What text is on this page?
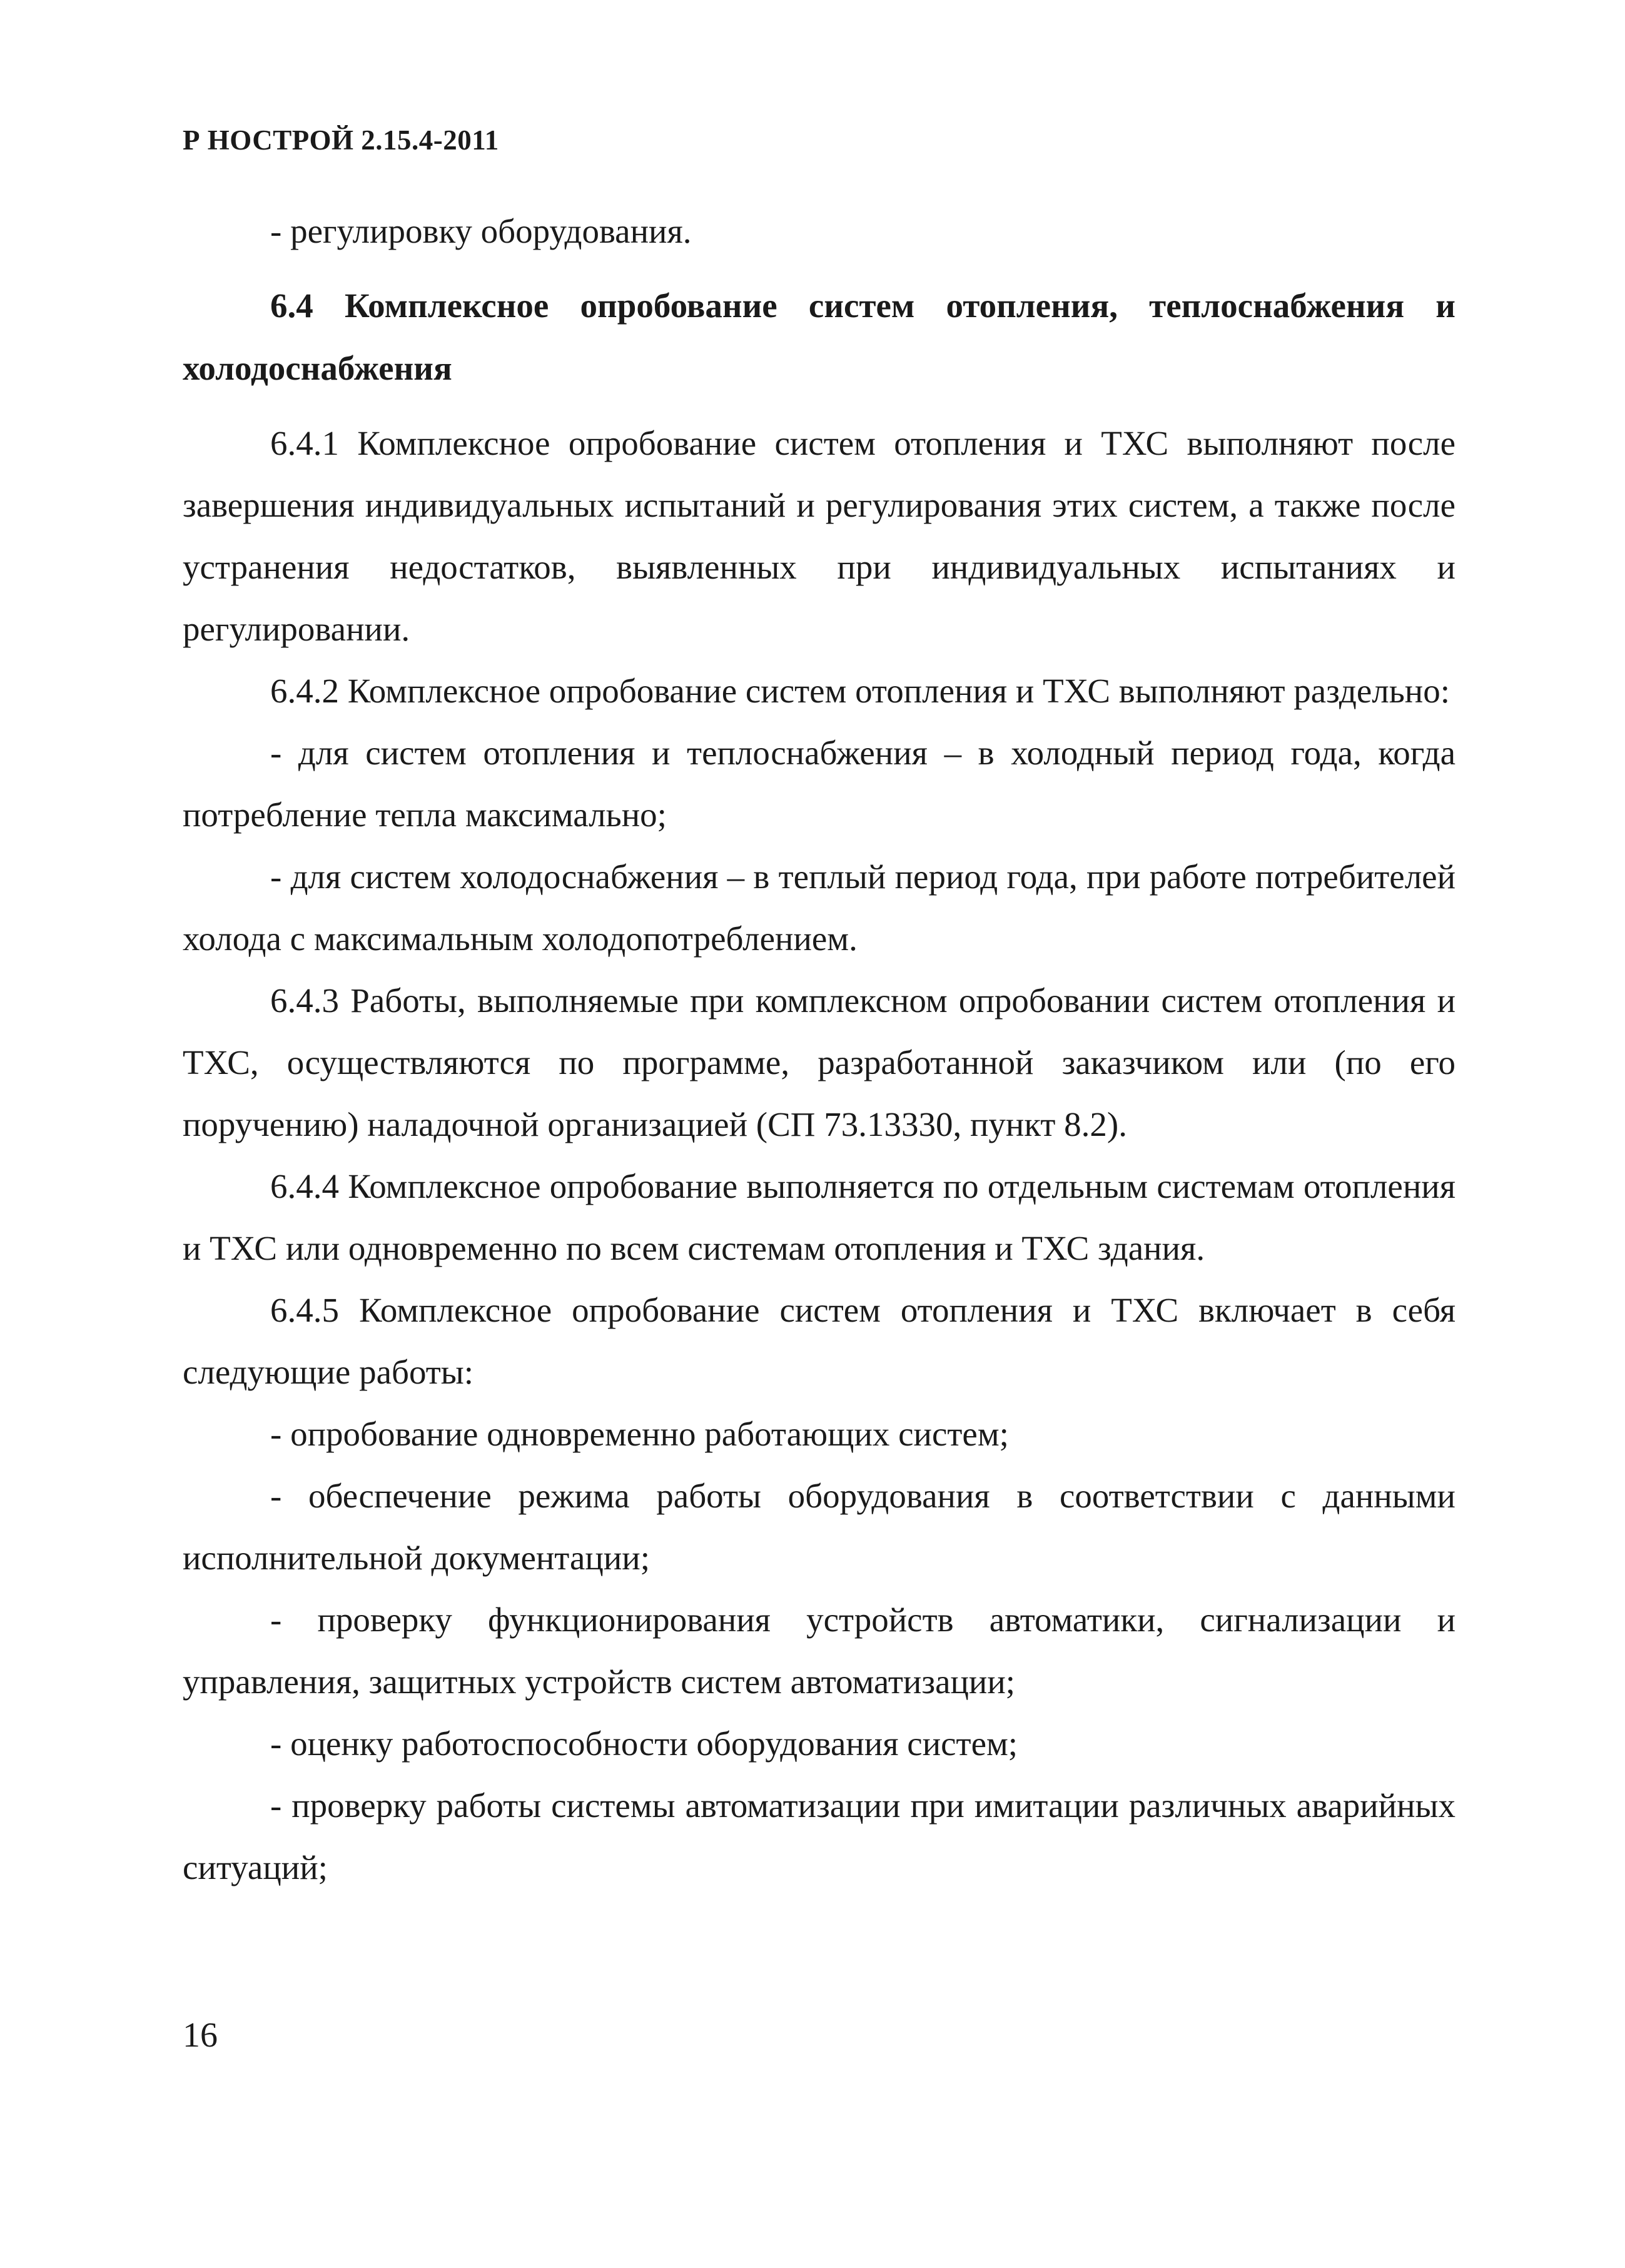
Р НОСТРОЙ 2.15.4-2011

- регулировку оборудования.

6.4 Комплексное опробование систем отопления, теплоснабжения и холодоснабжения

6.4.1 Комплексное опробование систем отопления и ТХС выполняют после завершения индивидуальных испытаний и регулирования этих систем, а также после устранения недостатков, выявленных при индивидуальных испытаниях и регулировании.

6.4.2 Комплексное опробование систем отопления и ТХС выполняют раздельно:

- для систем отопления и теплоснабжения – в холодный период года, когда потребление тепла максимально;

- для систем холодоснабжения – в теплый период года, при работе потребителей холода с максимальным холодопотреблением.

6.4.3 Работы, выполняемые при комплексном опробовании систем отопления и ТХС, осуществляются по программе, разработанной заказчиком или (по его поручению) наладочной организацией (СП 73.13330, пункт 8.2).

6.4.4 Комплексное опробование выполняется по отдельным системам отопления и ТХС или одновременно по всем системам отопления и ТХС здания.

6.4.5 Комплексное опробование систем отопления и ТХС включает в себя следующие работы:

- опробование одновременно работающих систем;

- обеспечение режима работы оборудования в соответствии с данными исполнительной документации;

- проверку функционирования устройств автоматики, сигнализации и управления, защитных устройств систем автоматизации;

- оценку работоспособности оборудования систем;

- проверку работы системы автоматизации при имитации различных аварийных ситуаций;

16
